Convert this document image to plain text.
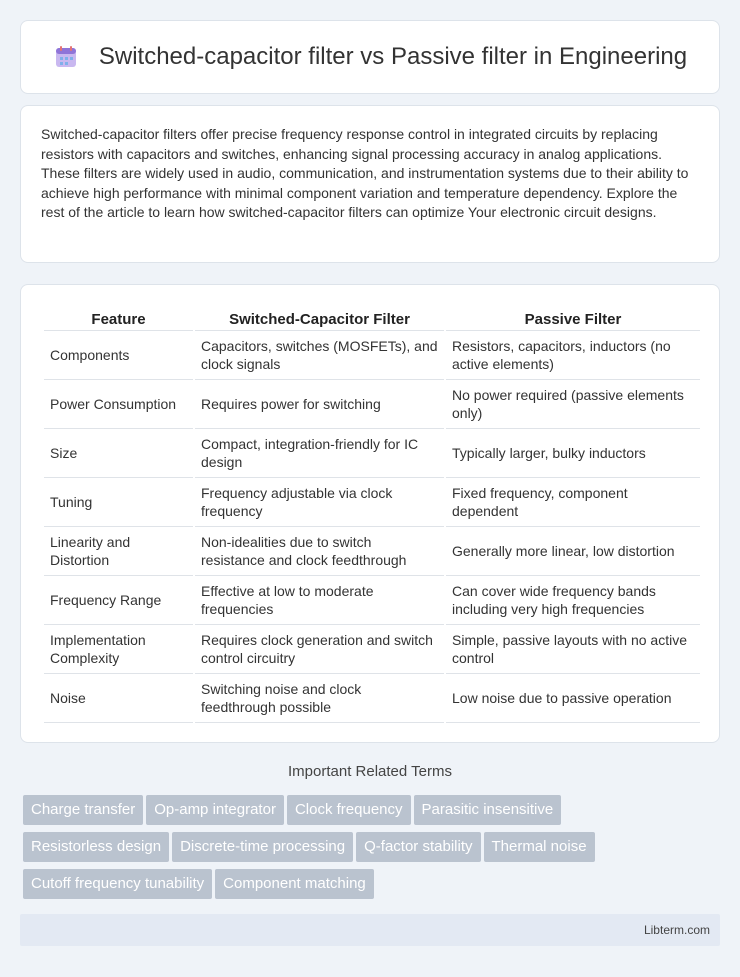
Switched-capacitor filter vs Passive filter in Engineering

Switched-capacitor filters offer precise frequency response control in integrated circuits by replacing resistors with capacitors and switches, enhancing signal processing accuracy in analog applications. These filters are widely used in audio, communication, and instrumentation systems due to their ability to achieve high performance with minimal component variation and temperature dependency. Explore the rest of the article to learn how switched-capacitor filters can optimize Your electronic circuit designs.

Feature	Switched-Capacitor Filter	Passive Filter
Components	Capacitors, switches (MOSFETs), and clock signals	Resistors, capacitors, inductors (no active elements)
Power Consumption	Requires power for switching	No power required (passive elements only)
Size	Compact, integration-friendly for IC design	Typically larger, bulky inductors
Tuning	Frequency adjustable via clock frequency	Fixed frequency, component dependent
Linearity and Distortion	Non-idealities due to switch resistance and clock feedthrough	Generally more linear, low distortion
Frequency Range	Effective at low to moderate frequencies	Can cover wide frequency bands including very high frequencies
Implementation Complexity	Requires clock generation and switch control circuitry	Simple, passive layouts with no active control
Noise	Switching noise and clock feedthrough possible	Low noise due to passive operation
Important Related Terms
Charge transfer Op-amp integrator Clock frequency Parasitic insensitive
Resistorless design Discrete-time processing Q-factor stability Thermal noise
Cutoff frequency tunability Component matching
Libterm.com
